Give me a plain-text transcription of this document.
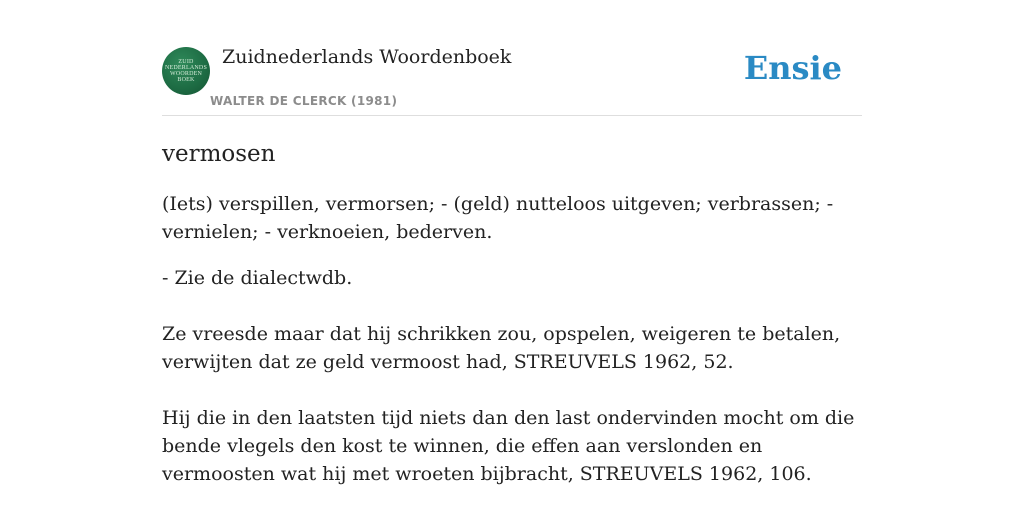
ZUID
NEDERLANDS
WOORDEN
BOEK
Zuidnederlands Woordenboek
WALTER DE CLERCK (1981)
Ensie
vermosen

(Iets) verspillen, vermorsen; - (geld) nutteloos uitgeven; verbrassen; - vernielen; - verknoeien, bederven.

- Zie de dialectwdb.

Ze vreesde maar dat hij schrikken zou, opspelen, weigeren te betalen, verwijten dat ze geld vermoost had, STREUVELS 1962, 52.

Hij die in den laatsten tijd niets dan den last ondervinden mocht om die bende vlegels den kost te winnen, die effen aan verslonden en vermoosten wat hij met wroeten bijbracht, STREUVELS 1962, 106.
